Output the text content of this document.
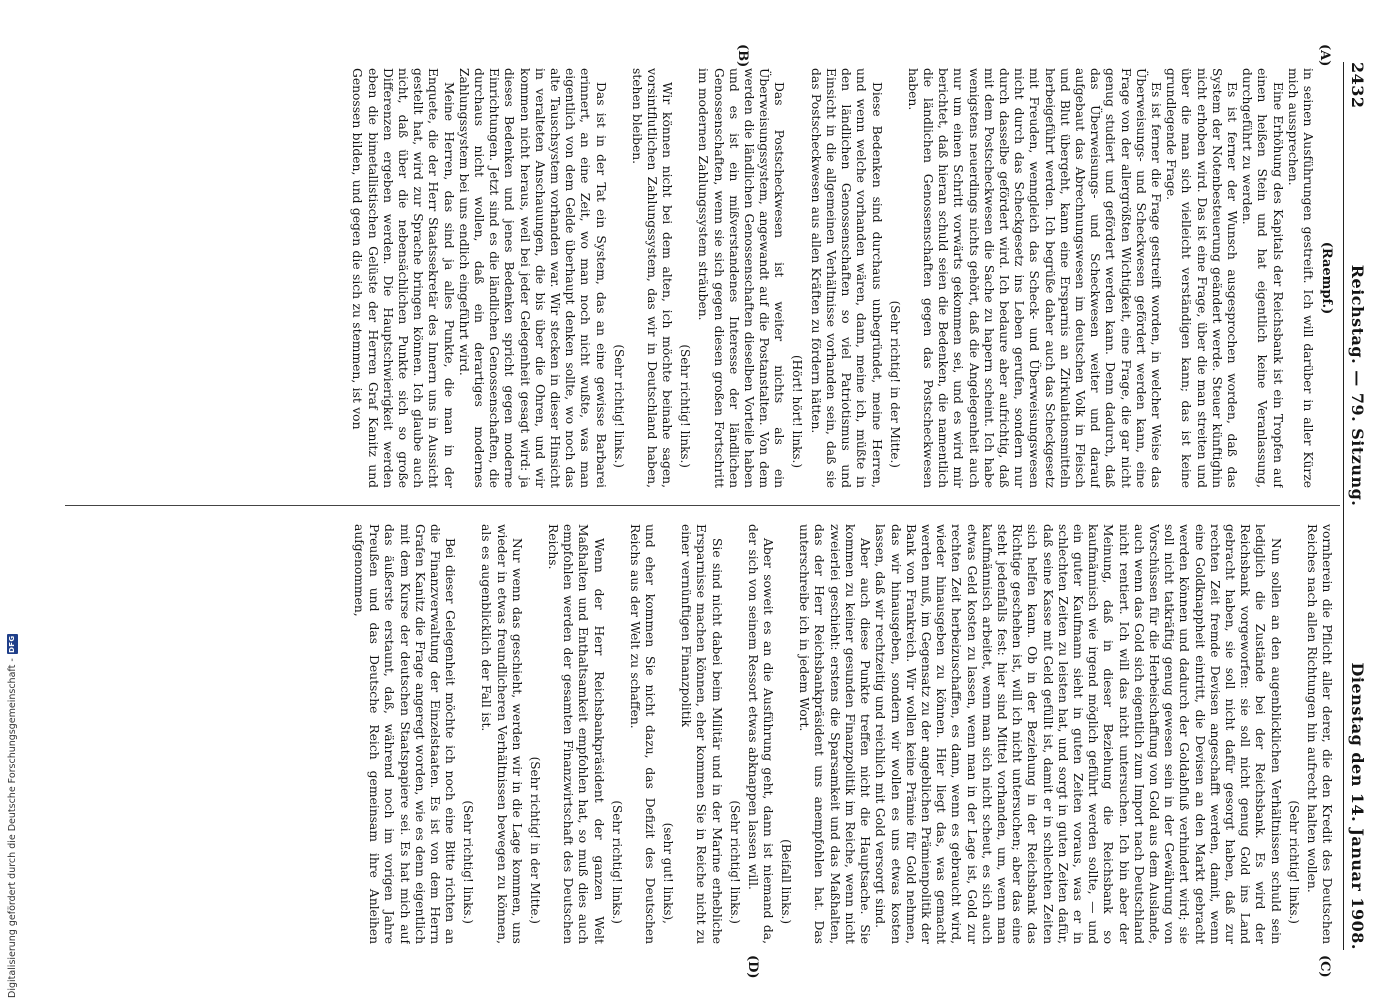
Digitalisierung gefördert durch die Deutsche Forschungsgemeinschaft -
DFG
2432
Reichstag. — 79. Sitzung.
Dienstag den 14. Januar 1908.
(A)
(B)
(C)
(D)

(Raempf.)

in seinen Ausführungen gestreift. Ich will darüber in aller Kürze mich aussprechen.

Eine Erhöhung des Kapitals der Reichsbank ist ein Tropfen auf einen heißen Stein und hat eigentlich keine Veranlassung, durchgeführt zu werden.

Es ist ferner der Wunsch ausgesprochen worden, daß das System der Notenbesteuerung geändert werde. Steuer künftighin nicht erhoben wird. Das ist eine Frage, über die man streiten und über die man sich vielleicht verständigen kann; das ist keine grundlegende Frage.

Es ist ferner die Frage gestreift worden, in welcher Weise das Überweisungs- und Scheckwesen gefördert werden kann, eine Frage von der allergrößten Wichtigkeit, eine Frage, die gar nicht genug studiert und gefördert werden kann. Denn dadurch, daß das Überweisungs- und Scheckwesen weiter und darauf aufgebaut das Abrechnungswesen im deutschen Volk in Fleisch und Blut übergeht, kann eine Ersparnis an Zirkulationsmitteln herbeigeführt werden. Ich begrüße daher auch das Scheckgesetz mit Freuden, wenngleich das Scheck- und Überweisungswesen nicht durch das Scheckgesetz ins Leben gerufen, sondern nur durch dasselbe gefördert wird. Ich bedaure aber aufrichtig, daß mit dem Postscheckwesen die Sache zu hapern scheint. Ich habe wenigstens neuerdings nichts gehört, daß die Angelegenheit auch nur um einen Schritt vorwärts gekommen sei, und es wird mir berichtet, daß hieran schuld seien die Bedenken, die namentlich die ländlichen Genossenschaften gegen das Postscheckwesen haben.

(Sehr richtig! in der Mitte.)

Diese Bedenken sind durchaus unbegründet, meine Herren, und wenn welche vorhanden wären, dann, meine ich, müßte in den ländlichen Genossenschaften so viel Patriotismus und Einsicht in die allgemeinen Verhältnisse vorhanden sein, daß sie das Postscheckwesen aus allen Kräften zu fördern hätten.

(Hört! hört! links.)

Das Postscheckwesen ist weiter nichts als ein Überweisungssystem, angewandt auf die Postanstalten. Von dem werden die ländlichen Genossenschaften dieselben Vorteile haben und es ist ein mißverstandenes Interesse der ländlichen Genossenschaften, wenn sie sich gegen diesen großen Fortschritt im modernen Zahlungssystem sträuben.

(Sehr richtig! links.)

Wir können nicht bei dem alten, ich möchte beinahe sagen, vorsintflutlichen Zahlungssystem, das wir in Deutschland haben, stehen bleiben.

(Sehr richtig! links.)

Das ist in der Tat ein System, das an eine gewisse Barbarei erinnert, an eine Zeit, wo man noch nicht wußte, was man eigentlich von dem Gelde überhaupt denken sollte, wo noch das alte Tauschsystem vorhanden war. Wir stecken in dieser Hinsicht in veralteten Anschauungen, die bis über die Ohren, und wir kommen nicht heraus, weil bei jeder Gelegenheit gesagt wird: ja dieses Bedenken und jenes Bedenken spricht gegen moderne Einrichtungen. Jetzt sind es die ländlichen Genossenschaften, die durchaus nicht wollen, daß ein derartiges modernes Zahlungssystem bei uns endlich eingeführt wird.

Meine Herren, das sind ja alles Punkte, die man in der Enquete, die der Herr Staatssekretär des Innern uns in Aussicht gestellt hat, wird zur Sprache bringen können. Ich glaube auch nicht, daß über die nebensächlichen Punkte sich so große Differenzen ergeben werden. Die Hauptschwierigkeit werden eben die bimetallistischen Gelüste der Herren Graf Kanitz und Genossen bilden, und gegen die sich zu stemmen, ist von

vornherein die Pflicht aller derer, die den Kredit des Deutschen Reiches nach allen Richtungen hin aufrecht halten wollen.

(Sehr richtig! links.)

Nun sollen an den augenblicklichen Verhältnissen schuld sein lediglich die Zustände bei der Reichsbank. Es wird der Reichsbank vorgeworfen: sie soll nicht genug Gold ins Land gebracht haben, sie soll nicht dafür gesorgt haben, daß zur rechten Zeit fremde Devisen angeschafft werden, damit, wenn eine Goldknappheit eintritt, die Devisen an den Markt gebracht werden können und dadurch der Goldabfluß verhindert wird; sie soll nicht tatkräftig genug gewesen sein in der Gewährung von Vorschüssen für die Herbeischaffung von Gold aus dem Auslande, auch wenn das Gold sich eigentlich zum Import nach Deutschland nicht rentiert. Ich will das nicht untersuchen. Ich bin aber der Meinung, daß in dieser Beziehung die Reichsbank so kaufmännisch wie irgend möglich geführt werden sollte, — und ein guter Kaufmann sieht in guten Zeiten voraus, was er in schlechten Zeiten zu leisten hat, und sorgt in guten Zeiten dafür, daß seine Kasse mit Geld gefüllt ist, damit er in schlechten Zeiten sich helfen kann. Ob in der Beziehung in der Reichsbank das Richtige geschehen ist, will ich nicht untersuchen; aber das eine steht jedenfalls fest: hier sind Mittel vorhanden, um, wenn man kaufmännisch arbeitet, wenn man sich nicht scheut, es sich auch etwas Geld kosten zu lassen, wenn man in der Lage ist, Gold zur rechten Zeit herbeizuschaffen, es dann, wenn es gebraucht wird, wieder hinausgeben zu können. Hier liegt das, was gemacht werden muß, im Gegensatz zu der angeblichen Prämienpolitik der Bank von Frankreich. Wir wollen keine Prämie für Gold nehmen, das wir hinausgeben, sondern wir wollen es uns etwas kosten lassen, daß wir rechtzeitig und reichlich mit Gold versorgt sind.

Aber auch diese Punkte treffen nicht die Hauptsache. Sie kommen zu keiner gesunden Finanzpolitik im Reiche, wenn nicht zweierlei geschieht: erstens die Sparsamkeit und das Maßhalten, das der Herr Reichsbankpräsident uns anempfohlen hat. Das unterschreibe ich in jedem Wort.

(Beifall links.)

Aber soweit es an die Ausführung geht, dann ist niemand da, der sich von seinem Ressort etwas abknappen lassen will.

(Sehr richtig! links.)

Sie sind nicht dabei beim Militär und in der Marine erhebliche Ersparnisse machen können, eher kommen Sie in Reiche nicht zu einer vernünftigen Finanzpolitik

(sehr gut! links),

und eher kommen Sie nicht dazu, das Defizit des Deutschen Reichs aus der Welt zu schaffen.

(Sehr richtig! links.)

Wenn der Herr Reichsbankpräsident der ganzen Welt Maßhalten und Enthaltsamkeit empfohlen hat, so muß dies auch empfohlen werden der gesamten Finanzwirtschaft des Deutschen Reichs.

(Sehr richtig! in der Mitte.)

Nur wenn das geschieht, werden wir in die Lage kommen, uns wieder in etwas freundlicheren Verhältnissen bewegen zu können, als es augenblicklich der Fall ist.

(Sehr richtig! links.)

Bei dieser Gelegenheit möchte ich noch eine Bitte richten an die Finanzverwaltung der Einzelstaaten. Es ist von dem Herrn Grafen Kanitz die Frage angeregt worden, wie es denn eigentlich mit dem Kurse der deutschen Staatspapiere sei. Es hat mich auf das äußerste erstaunt, daß, während noch im vorigen Jahre Preußen und das Deutsche Reich gemeinsam ihre Anleihen aufgenommen,
